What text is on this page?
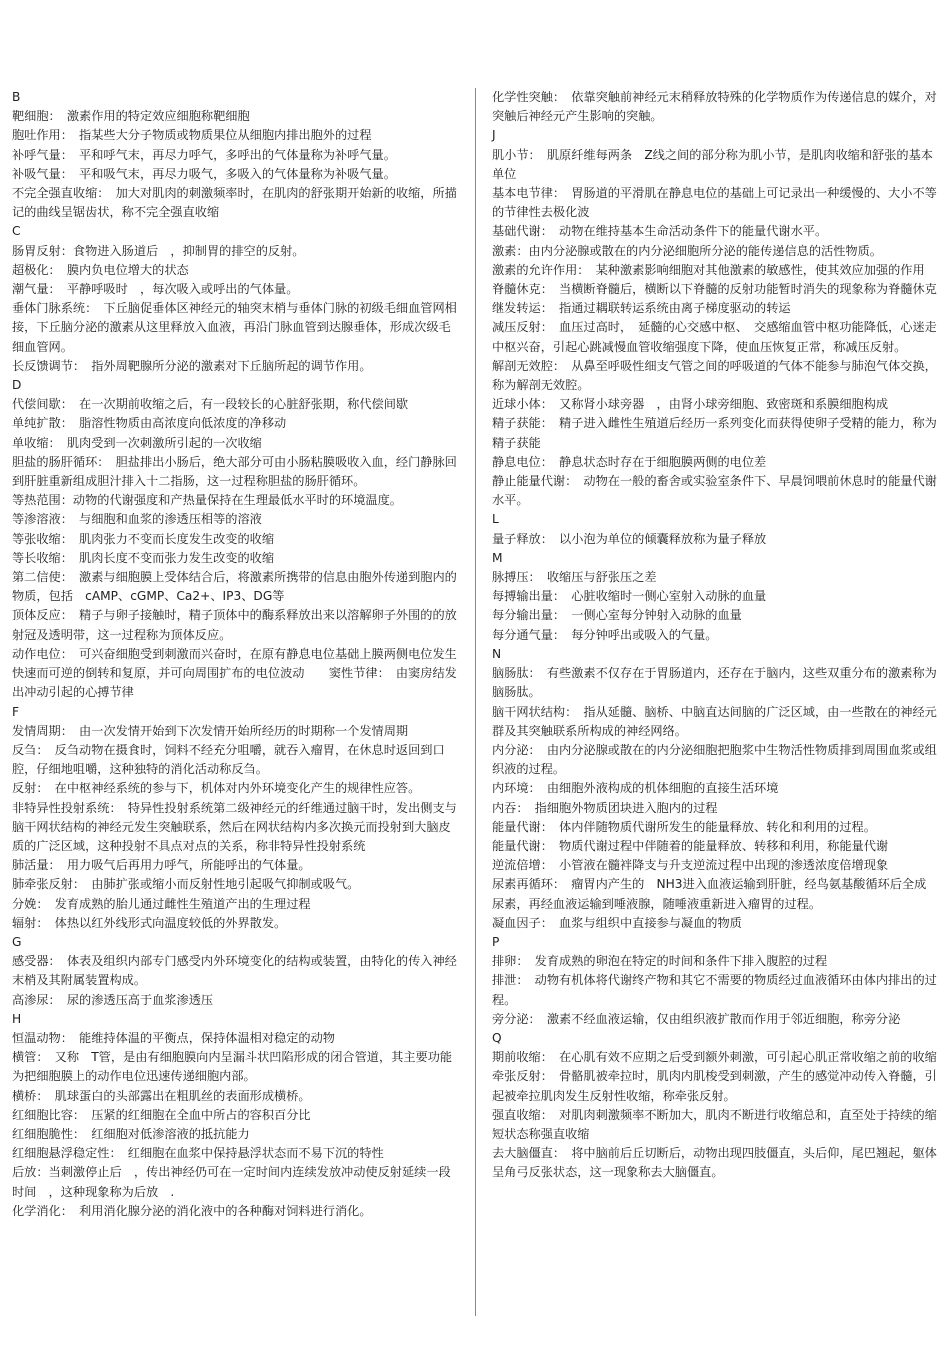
B
靶细胞：　激素作用的特定效应细胞称靶细胞
胞吐作用：　指某些大分子物质或物质果位从细胞内排出胞外的过程
补呼气量：　平和呼气末，再尽力呼气，多呼出的气体量称为补呼气量。
补吸气量：　平和吸气末，再尽力吸气，多吸入的气体量称为补吸气量。
不完全强直收缩：　加大对肌肉的刺激频率时，在肌肉的舒张期开始新的收缩，所描记的曲线呈锯齿状，称不完全强直收缩
C
肠胃反射：食物进入肠道后　，抑制胃的排空的反射。
超极化：　膜内负电位增大的状态
潮气量：　平静呼吸时　，每次吸入或呼出的气体量。
垂体门脉系统：　下丘脑促垂体区神经元的轴突末梢与垂体门脉的初级毛细血管网相接，下丘脑分泌的激素从这里释放入血液，再沿门脉血管到达腺垂体，形成次级毛细血管网。
长反馈调节：　指外周靶腺所分泌的激素对下丘脑所起的调节作用。
D
代偿间歇：　在一次期前收缩之后，有一段较长的心脏舒张期，称代偿间歇
单纯扩散：　脂溶性物质由高浓度向低浓度的净移动
单收缩：　肌肉受到一次刺激所引起的一次收缩
胆盐的肠肝循环：　胆盐排出小肠后，绝大部分可由小肠粘膜吸收入血，经门静脉回到肝脏重新组成胆汁排入十二指肠，这一过程称胆盐的肠肝循环。
等热范围：动物的代谢强度和产热量保持在生理最低水平时的环境温度。
等渗溶液：　与细胞和血浆的渗透压相等的溶液
等张收缩：　肌肉张力不变而长度发生改变的收缩
等长收缩：　肌肉长度不变而张力发生改变的收缩
第二信使：　激素与细胞膜上受体结合后，将激素所携带的信息由胞外传递到胞内的物质，包括　cAMP、cGMP、Ca2+、IP3、DG等
顶体反应：　精子与卵子接触时，精子顶体中的酶系释放出来以溶解卵子外围的的放射冠及透明带，这一过程称为顶体反应。
动作电位：　可兴奋细胞受到刺激而兴奋时，在原有静息电位基础上膜两侧电位发生快速而可逆的倒转和复原，并可向周围扩布的电位波动　　窦性节律：　由窦房结发出冲动引起的心搏节律
F
发情周期：　由一次发情开始到下次发情开始所经历的时期称一个发情周期
反刍：　反刍动物在摄食时，饲料不经充分咀嚼，就吞入瘤胃，在休息时返回到口腔，仔细地咀嚼，这种独特的消化活动称反刍。
反射：　在中枢神经系统的参与下，机体对内外环境变化产生的规律性应答。
非特异性投射系统：　特异性投射系统第二级神经元的纤维通过脑干时，发出侧支与脑干网状结构的神经元发生突触联系，然后在网状结构内多次换元而投射到大脑皮质的广泛区域，这种投射不具点对点的关系，称非特异性投射系统
肺活量：　用力吸气后再用力呼气，所能呼出的气体量。
肺牵张反射：　由肺扩张或缩小而反射性地引起吸气抑制或吸气。
分娩：　发育成熟的胎儿通过雌性生殖道产出的生理过程
辐射：　体热以红外线形式向温度较低的外界散发。
G
感受器：　体表及组织内部专门感受内外环境变化的结构或装置，由特化的传入神经末梢及其附属装置构成。
高渗尿：　尿的渗透压高于血浆渗透压
H
恒温动物：　能维持体温的平衡点，保持体温相对稳定的动物
横管：　又称　T管，是由有细胞膜向内呈漏斗状凹陷形成的闭合管道，其主要功能为把细胞膜上的动作电位迅速传递细胞内部。
横桥：　肌球蛋白的头部露出在粗肌丝的表面形成横桥。
红细胞比容：　压紧的红细胞在全血中所占的容积百分比
红细胞脆性：　红细胞对低渗溶液的抵抗能力
红细胞悬浮稳定性：　红细胞在血浆中保持悬浮状态而不易下沉的特性
后放：当刺激停止后　，传出神经仍可在一定时间内连续发放冲动使反射延续一段时间　，这种现象称为后放　.
化学消化：　利用消化腺分泌的消化液中的各种酶对饲料进行消化。
化学性突触：　依靠突触前神经元末稍释放特殊的化学物质作为传递信息的媒介，对突触后神经元产生影响的突触。
J
肌小节：　肌原纤维每两条　Z线之间的部分称为肌小节，是肌肉收缩和舒张的基本单位
基本电节律：　胃肠道的平滑肌在静息电位的基础上可记录出一种缓慢的、大小不等的节律性去极化波
基础代谢：　动物在维持基本生命活动条件下的能量代谢水平。
激素：由内分泌腺或散在的内分泌细胞所分泌的能传递信息的活性物质。
激素的允许作用：　某种激素影响细胞对其他激素的敏感性，使其效应加强的作用
脊髓休克：　当横断脊髓后，横断以下脊髓的反射功能暂时消失的现象称为脊髓休克
继发转运：　指通过耦联转运系统由离子梯度驱动的转运
减压反射：　血压过高时，　延髓的心交感中枢、　交感缩血管中枢功能降低，心迷走中枢兴奋，引起心跳减慢血管收缩强度下降，使血压恢复正常，称减压反射。
解剖无效腔：　从鼻至呼吸性细支气管之间的呼吸道的气体不能参与肺泡气体交换，称为解剖无效腔。
近球小体：　又称肾小球旁器　，由肾小球旁细胞、致密斑和系膜细胞构成
精子获能：　精子进入雌性生殖道后经历一系列变化而获得使卵子受精的能力，称为精子获能
静息电位：　静息状态时存在于细胞膜两侧的电位差
静止能量代谢：　动物在一般的畜舍或实验室条件下、早晨饲喂前休息时的能量代谢水平。
L
量子释放：　以小泡为单位的倾囊释放称为量子释放
M
脉搏压：　收缩压与舒张压之差
每搏输出量：　心脏收缩时一侧心室射入动脉的血量
每分输出量：　一侧心室每分钟射入动脉的血量
每分通气量：　每分钟呼出或吸入的气量。
N
脑肠肽：　有些激素不仅存在于胃肠道内，还存在于脑内，这些双重分布的激素称为脑肠肽。
脑干网状结构：　指从延髓、脑桥、中脑直达间脑的广泛区域，由一些散在的神经元群及其突触联系所构成的神经网络。
内分泌：　由内分泌腺或散在的内分泌细胞把胞浆中生物活性物质排到周围血浆或组织液的过程。
内环境：　由细胞外液构成的机体细胞的直接生活环境
内吞：　指细胞外物质团块进入胞内的过程
能量代谢：　体内伴随物质代谢所发生的能量释放、转化和利用的过程。
能量代谢：　物质代谢过程中伴随着的能量释放、转移和利用，称能量代谢
逆流倍增：　小管液在髓袢降支与升支逆流过程中出现的渗透浓度倍增现象
尿素再循环：　瘤胃内产生的　NH3进入血液运输到肝脏，经鸟氨基酸循环后全成尿素，再经血液运输到唾液腺，随唾液重新进入瘤胃的过程。
凝血因子：　血浆与组织中直接参与凝血的物质
P
排卵：　发育成熟的卵泡在特定的时间和条件下排入腹腔的过程
排泄：　动物有机体将代谢终产物和其它不需要的物质经过血液循环由体内排出的过程。
旁分泌：　激素不经血液运输，仅由组织液扩散而作用于邻近细胞，称旁分泌
Q
期前收缩：　在心肌有效不应期之后受到额外刺激，可引起心肌正常收缩之前的收缩
牵张反射：　骨骼肌被牵拉时，肌肉内肌梭受到刺激，产生的感觉冲动传入脊髓，引起被牵拉肌肉发生反射性收缩，称牵张反射。
强直收缩：　对肌肉刺激频率不断加大，肌肉不断进行收缩总和，直至处于持续的缩短状态称强直收缩
去大脑僵直：　将中脑前后丘切断后，动物出现四肢僵直，头后仰，尾巴翘起，躯体呈角弓反张状态，这一现象称去大脑僵直。
